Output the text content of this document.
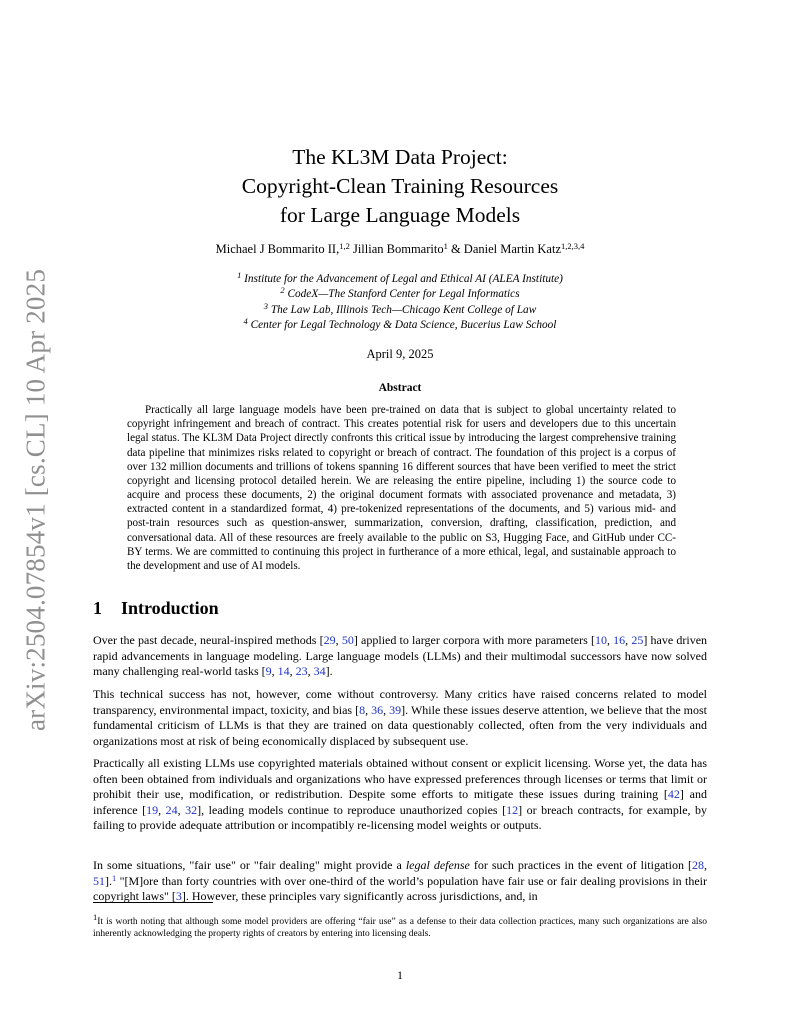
arXiv:2504.07854v1 [cs.CL] 10 Apr 2025
The KL3M Data Project:
Copyright-Clean Training Resources
for Large Language Models
Michael J Bommarito II,$^{1,2}$ Jillian Bommarito$^1$ & Daniel Martin Katz$^{1,2,3,4}$
$^1$ Institute for the Advancement of Legal and Ethical AI (ALEA Institute)
$^2$ CodeX—The Stanford Center for Legal Informatics
$^3$ The Law Lab, Illinois Tech—Chicago Kent College of Law
$^4$ Center for Legal Technology & Data Science, Bucerius Law School
April 9, 2025
Abstract
Practically all large language models have been pre-trained on data that is subject to global uncertainty related to copyright infringement and breach of contract. This creates potential risk for users and developers due to this uncertain legal status. The KL3M Data Project directly confronts this critical issue by introducing the largest comprehensive training data pipeline that minimizes risks related to copyright or breach of contract. The foundation of this project is a corpus of over 132 million documents and trillions of tokens spanning 16 different sources that have been verified to meet the strict copyright and licensing protocol detailed herein. We are releasing the entire pipeline, including 1) the source code to acquire and process these documents, 2) the original document formats with associated provenance and metadata, 3) extracted content in a standardized format, 4) pre-tokenized representations of the documents, and 5) various mid- and post-train resources such as question-answer, summarization, conversion, drafting, classification, prediction, and conversational data. All of these resources are freely available to the public on S3, Hugging Face, and GitHub under CC-BY terms. We are committed to continuing this project in furtherance of a more ethical, legal, and sustainable approach to the development and use of AI models.
1 Introduction
Over the past decade, neural-inspired methods [29, 50] applied to larger corpora with more parameters [10, 16, 25] have driven rapid advancements in language modeling. Large language models (LLMs) and their multimodal successors have now solved many challenging real-world tasks [9, 14, 23, 34].
This technical success has not, however, come without controversy. Many critics have raised concerns related to model transparency, environmental impact, toxicity, and bias [8, 36, 39]. While these issues deserve attention, we believe that the most fundamental criticism of LLMs is that they are trained on data questionably collected, often from the very individuals and organizations most at risk of being economically displaced by subsequent use.
Practically all existing LLMs use copyrighted materials obtained without consent or explicit licensing. Worse yet, the data has often been obtained from individuals and organizations who have expressed preferences through licenses or terms that limit or prohibit their use, modification, or redistribution. Despite some efforts to mitigate these issues during training [42] and inference [19, 24, 32], leading models continue to reproduce unauthorized copies [12] or breach contracts, for example, by failing to provide adequate attribution or incompatibly re-licensing model weights or outputs.
In some situations, "fair use" or "fair dealing" might provide a legal defense for such practices in the event of litigation [28, 51].$^1$ "[M]ore than forty countries with over one-third of the world’s population have fair use or fair dealing provisions in their copyright laws" [3]. However, these principles vary significantly across jurisdictions, and, in
$^1$It is worth noting that although some model providers are offering “fair use” as a defense to their data collection practices, many such organizations are also inherently acknowledging the property rights of creators by entering into licensing deals.
1
